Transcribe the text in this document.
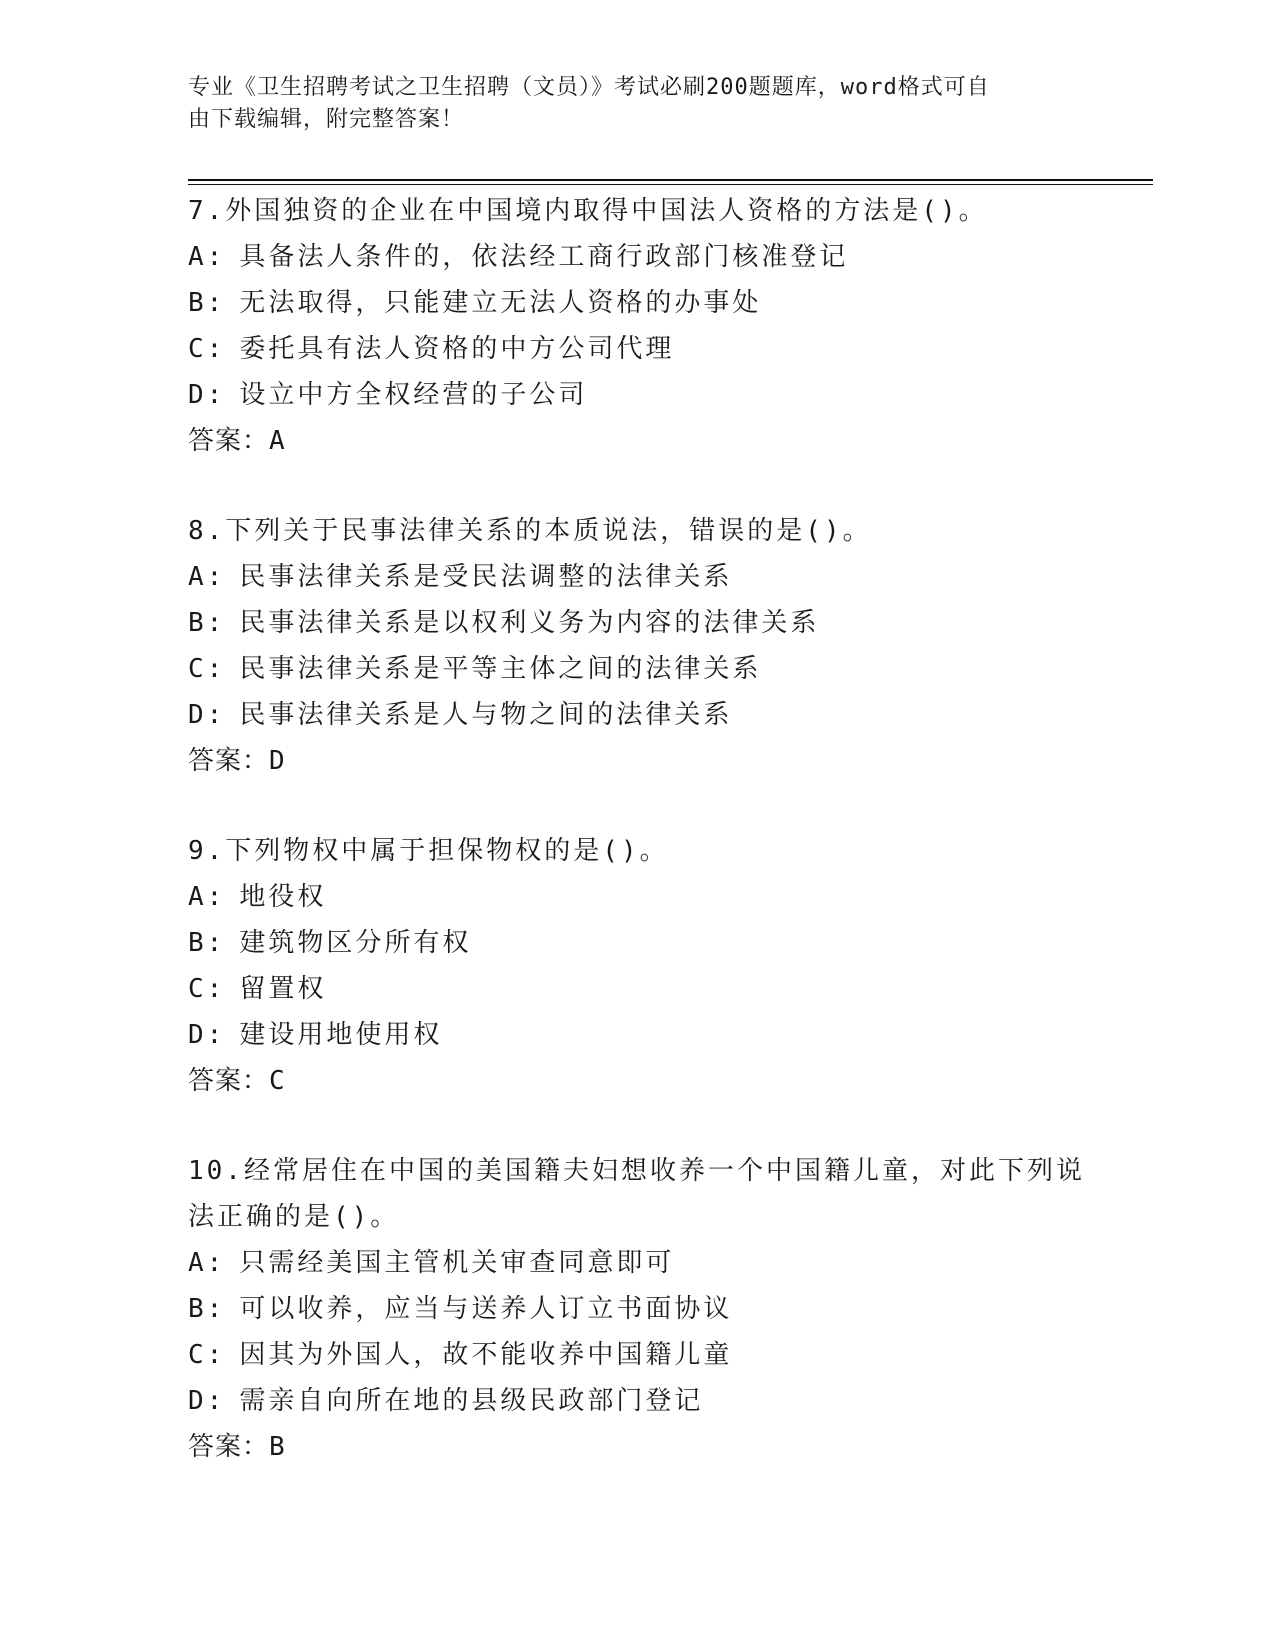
专业《卫生招聘考试之卫生招聘（文员）》考试必刷200题题库，word格式可自
由下载编辑，附完整答案！

7.外国独资的企业在中国境内取得中国法人资格的方法是()。

A: 具备法人条件的，依法经工商行政部门核准登记

B: 无法取得，只能建立无法人资格的办事处

C: 委托具有法人资格的中方公司代理

D: 设立中方全权经营的子公司

答案：A

8.下列关于民事法律关系的本质说法，错误的是()。

A: 民事法律关系是受民法调整的法律关系

B: 民事法律关系是以权利义务为内容的法律关系

C: 民事法律关系是平等主体之间的法律关系

D: 民事法律关系是人与物之间的法律关系

答案：D

9.下列物权中属于担保物权的是()。

A: 地役权

B: 建筑物区分所有权

C: 留置权

D: 建设用地使用权

答案：C

10.经常居住在中国的美国籍夫妇想收养一个中国籍儿童，对此下列说

法正确的是()。

A: 只需经美国主管机关审查同意即可

B: 可以收养，应当与送养人订立书面协议

C: 因其为外国人，故不能收养中国籍儿童

D: 需亲自向所在地的县级民政部门登记

答案：B
